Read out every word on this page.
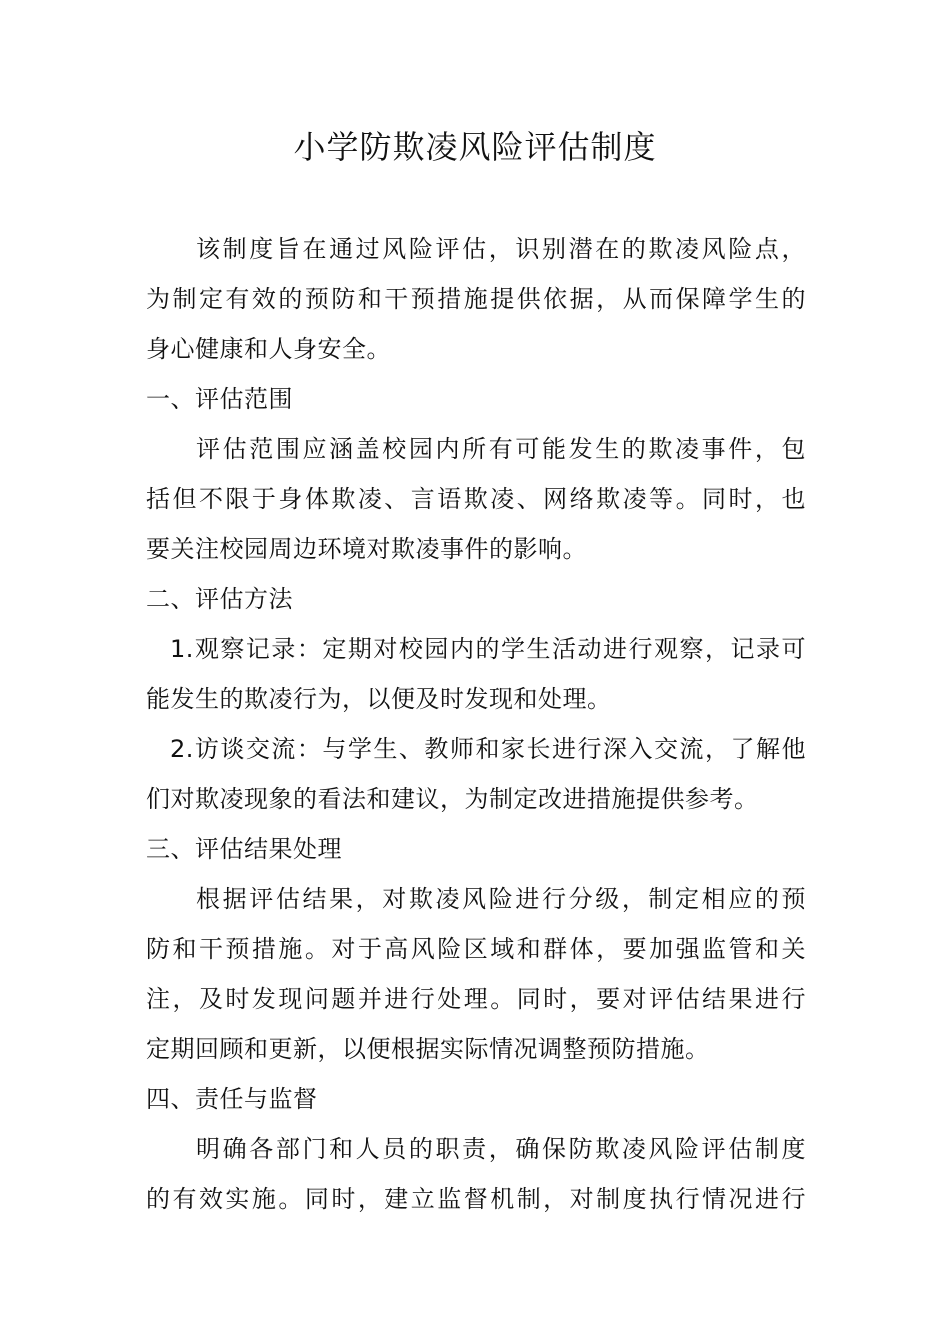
小学防欺凌风险评估制度
该制度旨在通过风险评估，识别潜在的欺凌风险点，
为制定有效的预防和干预措施提供依据，从而保障学生的
身心健康和人身安全。
一、评估范围
评估范围应涵盖校园内所有可能发生的欺凌事件，包
括但不限于身体欺凌、言语欺凌、网络欺凌等。同时，也
要关注校园周边环境对欺凌事件的影响。
二、评估方法
1.观察记录：定期对校园内的学生活动进行观察，记录可
能发生的欺凌行为，以便及时发现和处理。
2.访谈交流：与学生、教师和家长进行深入交流，了解他
们对欺凌现象的看法和建议，为制定改进措施提供参考。
三、评估结果处理
根据评估结果，对欺凌风险进行分级，制定相应的预
防和干预措施。对于高风险区域和群体，要加强监管和关
注，及时发现问题并进行处理。同时，要对评估结果进行
定期回顾和更新，以便根据实际情况调整预防措施。
四、责任与监督
明确各部门和人员的职责，确保防欺凌风险评估制度
的有效实施。同时，建立监督机制，对制度执行情况进行
